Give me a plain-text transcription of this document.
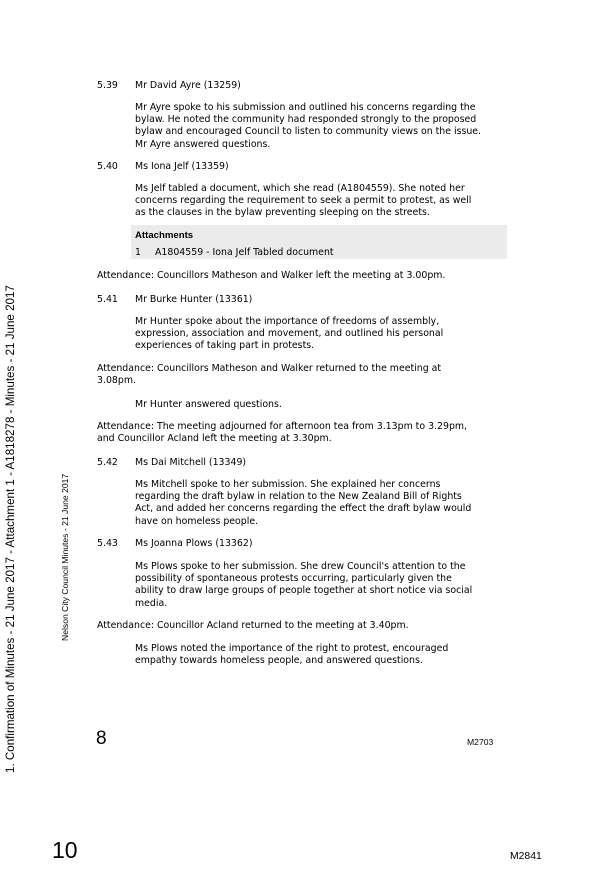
1. Confirmation of Minutes - 21 June 2017 - Attachment 1 - A1818278 - Minutes - 21 June 2017	Nelson City Council Minutes - 21 June 2017
5.39 Mr David Ayre (13259)
Mr Ayre spoke to his submission and outlined his concerns regarding the
bylaw. He noted the community had responded strongly to the proposed
bylaw and encouraged Council to listen to community views on the issue.
Mr Ayre answered questions.
5.40 Ms Iona Jelf (13359)
Ms Jelf tabled a document, which she read (A1804559). She noted her
concerns regarding the requirement to seek a permit to protest, as well
as the clauses in the bylaw preventing sleeping on the streets.
Attachments
1 A1804559 - Iona Jelf Tabled document
Attendance: Councillors Matheson and Walker left the meeting at 3.00pm.
5.41 Mr Burke Hunter (13361)
Mr Hunter spoke about the importance of freedoms of assembly,
expression, association and movement, and outlined his personal
experiences of taking part in protests.
Attendance: Councillors Matheson and Walker returned to the meeting at
3.08pm.
Mr Hunter answered questions.
Attendance: The meeting adjourned for afternoon tea from 3.13pm to 3.29pm,
and Councillor Acland left the meeting at 3.30pm.
5.42 Ms Dai Mitchell (13349)
Ms Mitchell spoke to her submission. She explained her concerns
regarding the draft bylaw in relation to the New Zealand Bill of Rights
Act, and added her concerns regarding the effect the draft bylaw would
have on homeless people.
5.43 Ms Joanna Plows (13362)
Ms Plows spoke to her submission. She drew Council's attention to the
possibility of spontaneous protests occurring, particularly given the
ability to draw large groups of people together at short notice via social
media.
Attendance: Councillor Acland returned to the meeting at 3.40pm.
Ms Plows noted the importance of the right to protest, encouraged
empathy towards homeless people, and answered questions.
8	M2703
10	M2841
